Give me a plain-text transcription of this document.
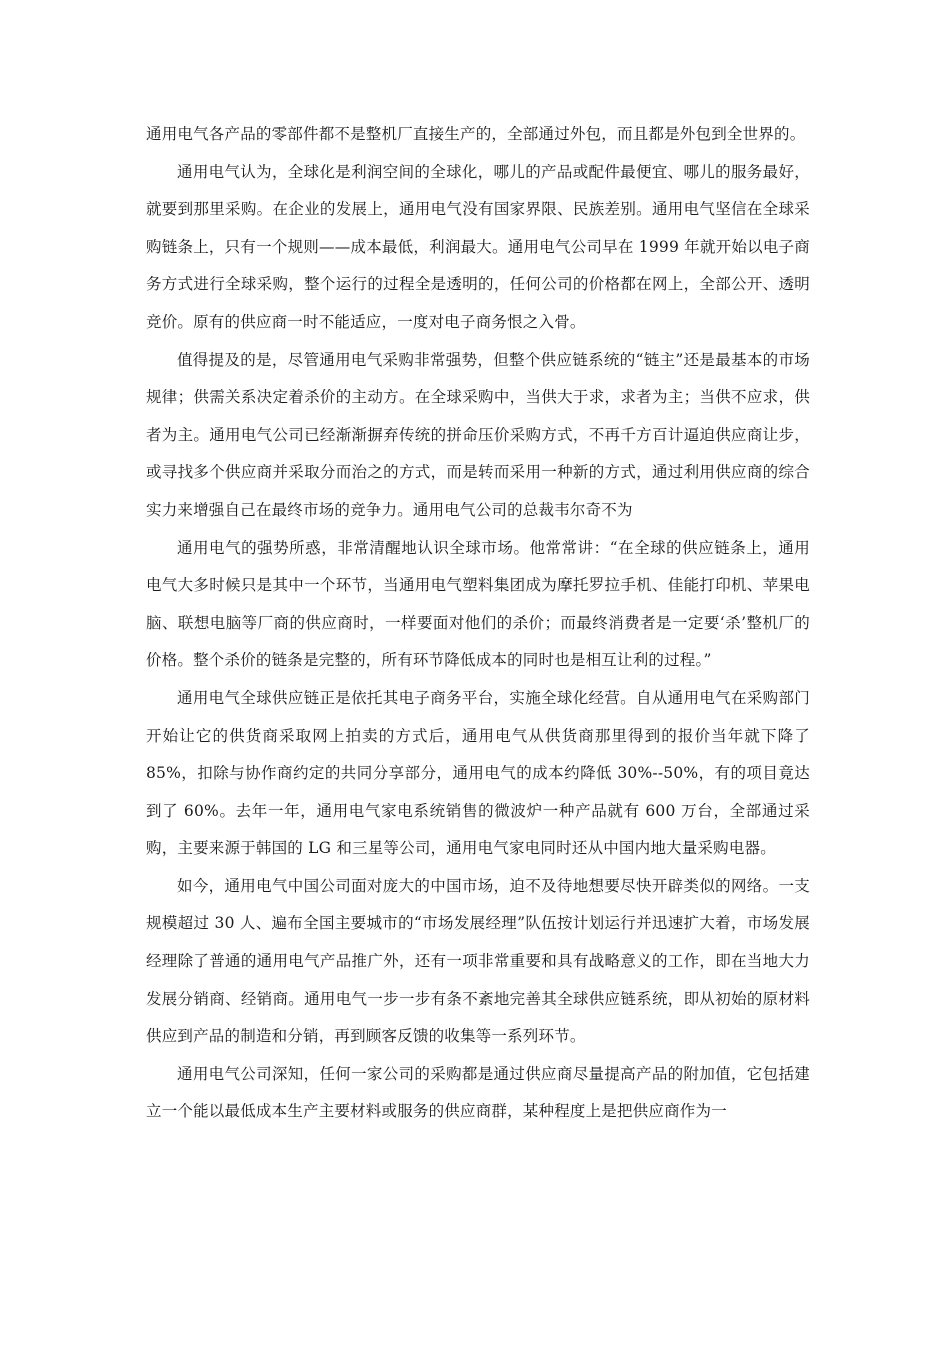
通用电气各产品的零部件都不是整机厂直接生产的，全部通过外包，而且都是外包到全世界的。

通用电气认为，全球化是利润空间的全球化，哪儿的产品或配件最便宜、哪儿的服务最好，就要到那里采购。在企业的发展上，通用电气没有国家界限、民族差别。通用电气坚信在全球采购链条上，只有一个规则——成本最低，利润最大。通用电气公司早在 1999 年就开始以电子商务方式进行全球采购，整个运行的过程全是透明的，任何公司的价格都在网上，全部公开、透明竞价。原有的供应商一时不能适应，一度对电子商务恨之入骨。

值得提及的是，尽管通用电气采购非常强势，但整个供应链系统的“链主”还是最基本的市场规律；供需关系决定着杀价的主动方。在全球采购中，当供大于求，求者为主；当供不应求，供者为主。通用电气公司已经渐渐摒弃传统的拼命压价采购方式，不再千方百计逼迫供应商让步，或寻找多个供应商并采取分而治之的方式，而是转而采用一种新的方式，通过利用供应商的综合实力来增强自己在最终市场的竞争力。通用电气公司的总裁韦尔奇不为

通用电气的强势所惑，非常清醒地认识全球市场。他常常讲：“在全球的供应链条上，通用电气大多时候只是其中一个环节，当通用电气塑料集团成为摩托罗拉手机、佳能打印机、苹果电脑、联想电脑等厂商的供应商时，一样要面对他们的杀价；而最终消费者是一定要‘杀’整机厂的价格。整个杀价的链条是完整的，所有环节降低成本的同时也是相互让利的过程。”

通用电气全球供应链正是依托其电子商务平台，实施全球化经营。自从通用电气在采购部门开始让它的供货商采取网上拍卖的方式后，通用电气从供货商那里得到的报价当年就下降了 85%，扣除与协作商约定的共同分享部分，通用电气的成本约降低 30%--50%，有的项目竟达到了 60%。去年一年，通用电气家电系统销售的微波炉一种产品就有 600 万台，全部通过采购，主要来源于韩国的 LG 和三星等公司，通用电气家电同时还从中国内地大量采购电器。

如今，通用电气中国公司面对庞大的中国市场，迫不及待地想要尽快开辟类似的网络。一支规模超过 30 人、遍布全国主要城市的“市场发展经理”队伍按计划运行并迅速扩大着，市场发展经理除了普通的通用电气产品推广外，还有一项非常重要和具有战略意义的工作，即在当地大力发展分销商、经销商。通用电气一步一步有条不紊地完善其全球供应链系统，即从初始的原材料供应到产品的制造和分销，再到顾客反馈的收集等一系列环节。

通用电气公司深知，任何一家公司的采购都是通过供应商尽量提高产品的附加值，它包括建立一个能以最低成本生产主要材料或服务的供应商群，某种程度上是把供应商作为一
